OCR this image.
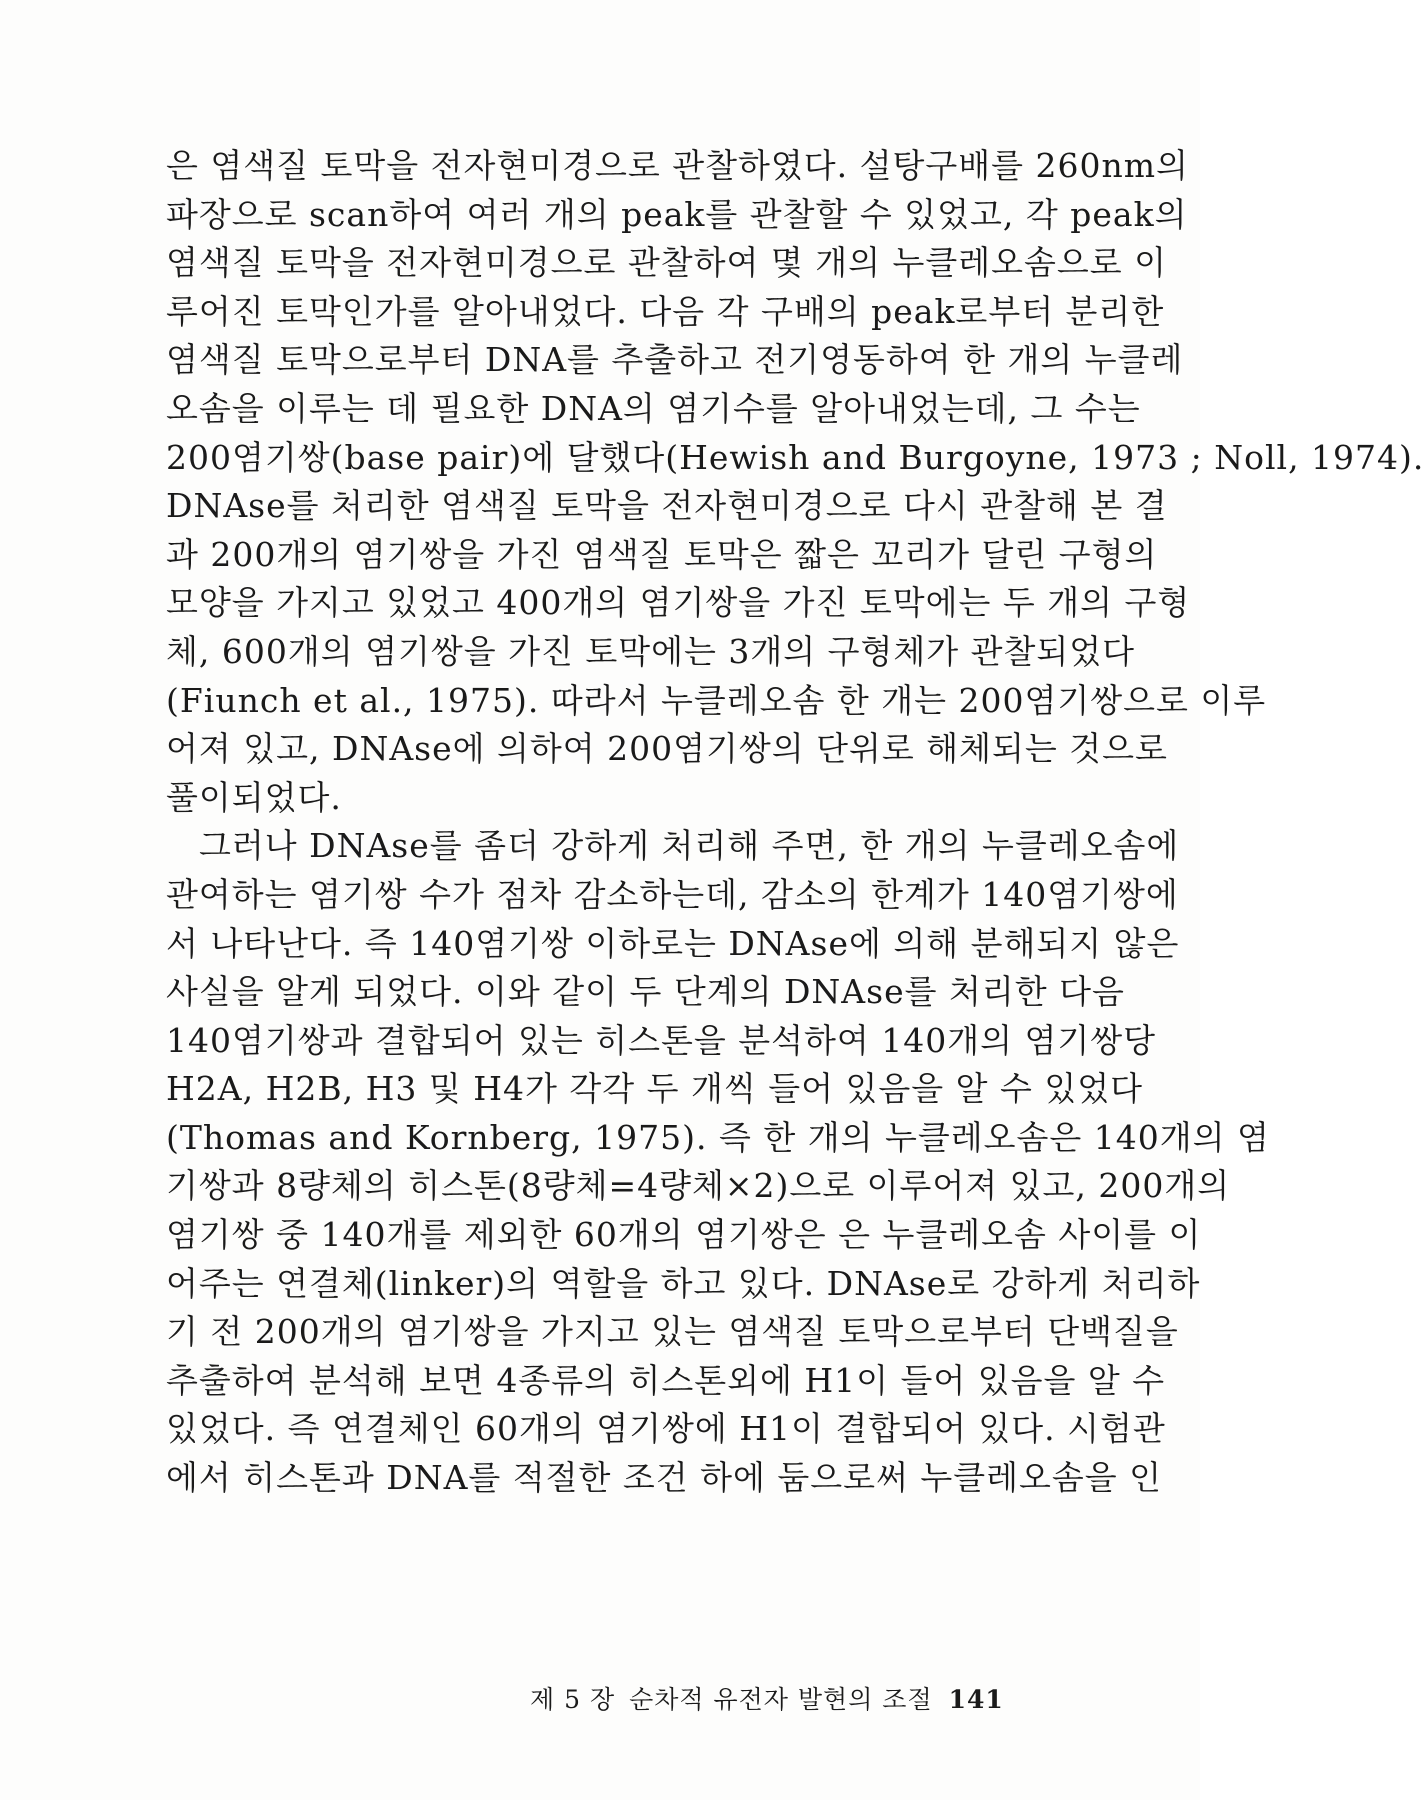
은 염색질 토막을 전자현미경으로 관찰하였다. 설탕구배를 260nm의
파장으로 scan하여 여러 개의 peak를 관찰할 수 있었고, 각 peak의
염색질 토막을 전자현미경으로 관찰하여 몇 개의 누클레오솜으로 이
루어진 토막인가를 알아내었다. 다음 각 구배의 peak로부터 분리한
염색질 토막으로부터 DNA를 추출하고 전기영동하여 한 개의 누클레
오솜을 이루는 데 필요한 DNA의 염기수를 알아내었는데, 그 수는
200염기쌍(base pair)에 달했다(Hewish and Burgoyne, 1973 ; Noll, 1974).
DNAse를 처리한 염색질 토막을 전자현미경으로 다시 관찰해 본 결
과 200개의 염기쌍을 가진 염색질 토막은 짧은 꼬리가 달린 구형의
모양을 가지고 있었고 400개의 염기쌍을 가진 토막에는 두 개의 구형
체, 600개의 염기쌍을 가진 토막에는 3개의 구형체가 관찰되었다
(Fiunch et al., 1975). 따라서 누클레오솜 한 개는 200염기쌍으로 이루
어져 있고, DNAse에 의하여 200염기쌍의 단위로 해체되는 것으로
풀이되었다.
그러나 DNAse를 좀더 강하게 처리해 주면, 한 개의 누클레오솜에
관여하는 염기쌍 수가 점차 감소하는데, 감소의 한계가 140염기쌍에
서 나타난다. 즉 140염기쌍 이하로는 DNAse에 의해 분해되지 않은
사실을 알게 되었다. 이와 같이 두 단계의 DNAse를 처리한 다음
140염기쌍과 결합되어 있는 히스톤을 분석하여 140개의 염기쌍당
H2A, H2B, H3 및 H4가 각각 두 개씩 들어 있음을 알 수 있었다
(Thomas and Kornberg, 1975). 즉 한 개의 누클레오솜은 140개의 염
기쌍과 8량체의 히스톤(8량체=4량체×2)으로 이루어져 있고, 200개의
염기쌍 중 140개를 제외한 60개의 염기쌍은 은 누클레오솜 사이를 이
어주는 연결체(linker)의 역할을 하고 있다. DNAse로 강하게 처리하
기 전 200개의 염기쌍을 가지고 있는 염색질 토막으로부터 단백질을
추출하여 분석해 보면 4종류의 히스톤외에 H1이 들어 있음을 알 수
있었다. 즉 연결체인 60개의 염기쌍에 H1이 결합되어 있다. 시험관
에서 히스톤과 DNA를 적절한 조건 하에 둠으로써 누클레오솜을 인
제 5 장 순차적 유전자 발현의 조절 141
